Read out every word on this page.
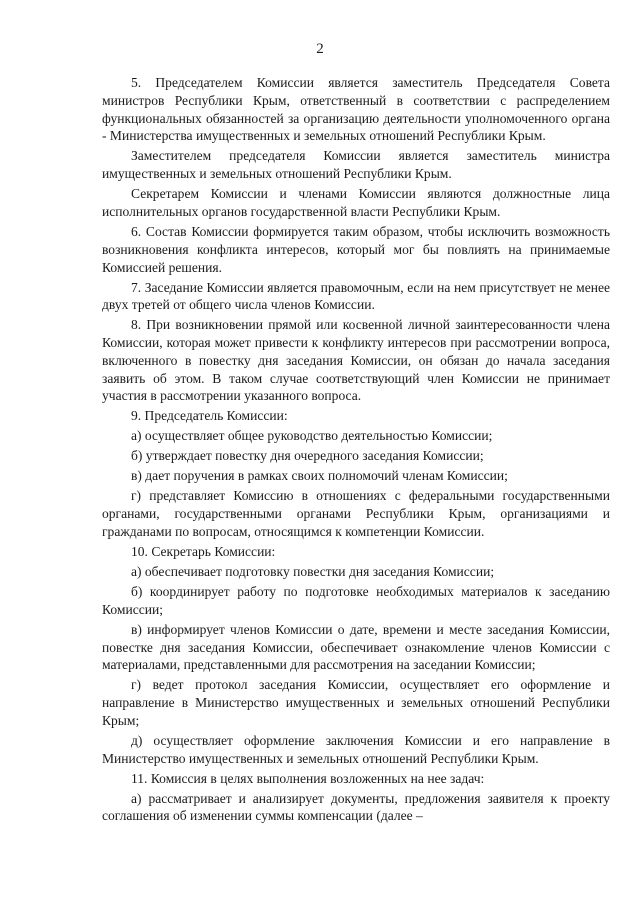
2

5. Председателем Комиссии является заместитель Председателя Совета министров Республики Крым, ответственный в соответствии с распределением функциональных обязанностей за организацию деятельности уполномоченного органа - Министерства имущественных и земельных отношений Республики Крым.

Заместителем председателя Комиссии является заместитель министра имущественных и земельных отношений Республики Крым.

Секретарем Комиссии и членами Комиссии являются должностные лица исполнительных органов государственной власти Республики Крым.

6. Состав Комиссии формируется таким образом, чтобы исключить возможность возникновения конфликта интересов, который мог бы повлиять на принимаемые Комиссией решения.

7. Заседание Комиссии является правомочным, если на нем присутствует не менее двух третей от общего числа членов Комиссии.

8. При возникновении прямой или косвенной личной заинтересованности члена Комиссии, которая может привести к конфликту интересов при рассмотрении вопроса, включенного в повестку дня заседания Комиссии, он обязан до начала заседания заявить об этом. В таком случае соответствующий член Комиссии не принимает участия в рассмотрении указанного вопроса.

9. Председатель Комиссии:

а) осуществляет общее руководство деятельностью Комиссии;

б) утверждает повестку дня очередного заседания Комиссии;

в) дает поручения в рамках своих полномочий членам Комиссии;

г) представляет Комиссию в отношениях с федеральными государственными органами, государственными органами Республики Крым, организациями и гражданами по вопросам, относящимся к компетенции Комиссии.

10. Секретарь Комиссии:

а) обеспечивает подготовку повестки дня заседания Комиссии;

б) координирует работу по подготовке необходимых материалов к заседанию Комиссии;

в) информирует членов Комиссии о дате, времени и месте заседания Комиссии, повестке дня заседания Комиссии, обеспечивает ознакомление членов Комиссии с материалами, представленными для рассмотрения на заседании Комиссии;

г) ведет протокол заседания Комиссии, осуществляет его оформление и направление в Министерство имущественных и земельных отношений Республики Крым;

д) осуществляет оформление заключения Комиссии и его направление в Министерство имущественных и земельных отношений Республики Крым.

11. Комиссия в целях выполнения возложенных на нее задач:

а) рассматривает и анализирует документы, предложения заявителя к проекту соглашения об изменении суммы компенсации (далее –
